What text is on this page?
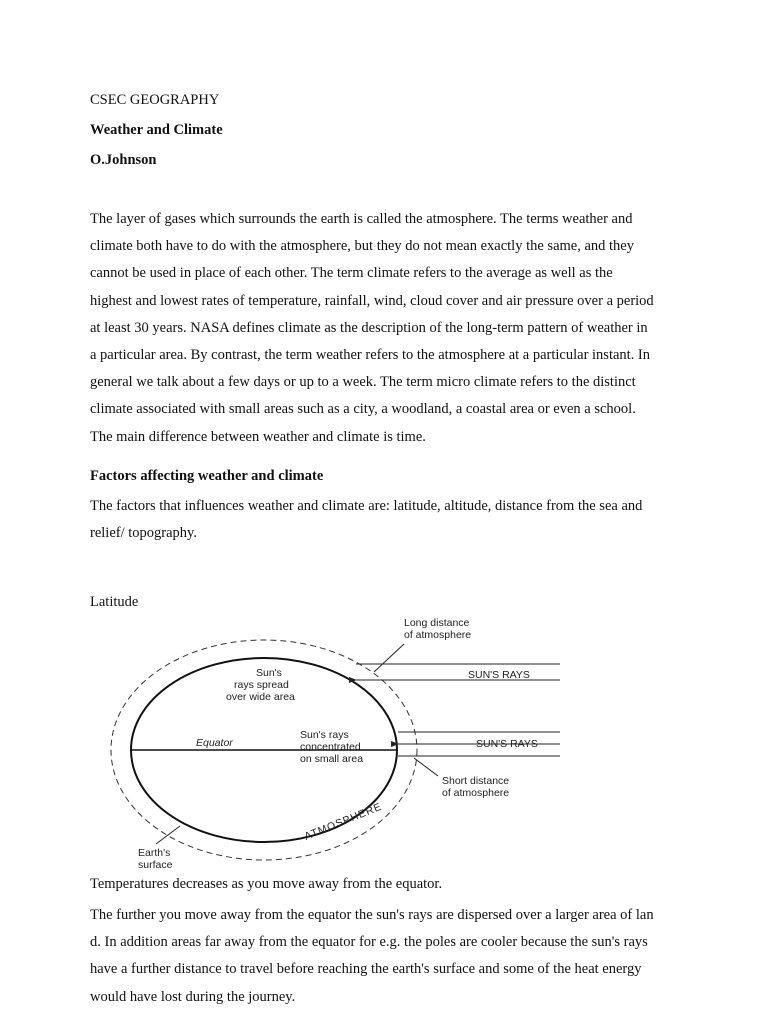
CSEC GEOGRAPHY
Weather and Climate
O.Johnson
The layer of gases which surrounds the earth is called the atmosphere. The terms weather and
climate both have to do with the atmosphere, but they do not mean exactly the same, and they
cannot be used in place of each other. The term climate refers to the average as well as the
highest and lowest rates of temperature, rainfall, wind, cloud cover and air pressure over a period
at least 30 years. NASA defines climate as the description of the long-term pattern of weather in
a particular area. By contrast, the term weather refers to the atmosphere at a particular instant. In
general we talk about a few days or up to a week. The term micro climate refers to the distinct
climate associated with small areas such as a city, a woodland, a coastal area or even a school.
The main difference between weather and climate is time.
Factors affecting weather and climate
The factors that influences weather and climate are: latitude, altitude, distance from the sea and
relief/ topography.
Latitude
Long distance
of atmosphere
SUN'S RAYS
Sun's
rays spread
over wide area
Equator
Sun's rays
concentrated
on small area
SUN'S RAYS
Short distance
of atmosphere
ATMOSPHERE
Earth's
surface
Temperatures decreases as you move away from the equator.
The further you move away from the equator the sun's rays are dispersed over a larger area of lan
d. In addition areas far away from the equator for e.g. the poles are cooler because the sun's rays
have a further distance to travel before reaching the earth's surface and some of the heat energy
would have lost during the journey.
